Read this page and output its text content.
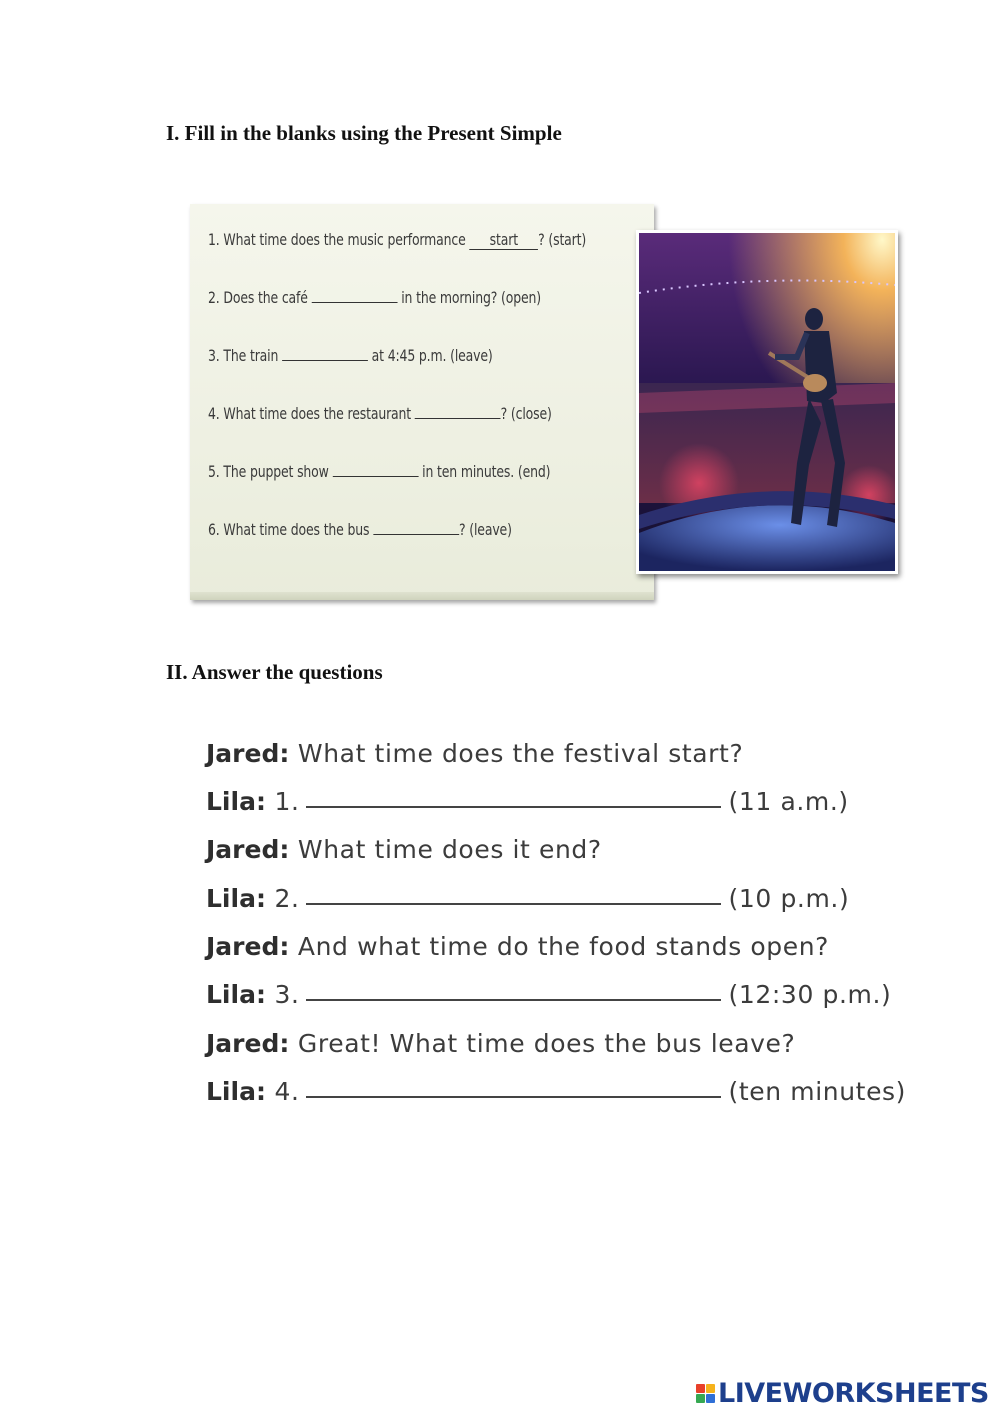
I. Fill in the blanks using the Present Simple
1. What time does the music performance start ? (start)
2. Does the café	in the morning? (open)
3. The train	at 4:45 p.m. (leave)
4. What time does the restaurant	? (close)
5. The puppet show	in ten minutes. (end)
6. What time does the bus	? (leave)
II. Answer the questions
Jared: What time does the festival start?
Lila: 1.	(11 a.m.)
Jared: What time does it end?
Lila: 2.	(10 p.m.)
Jared: And what time do the food stands open?
Lila: 3.	(12:30 p.m.)
Jared: Great! What time does the bus leave?
Lila: 4.	(ten minutes)
LIVEWORKSHEETS
